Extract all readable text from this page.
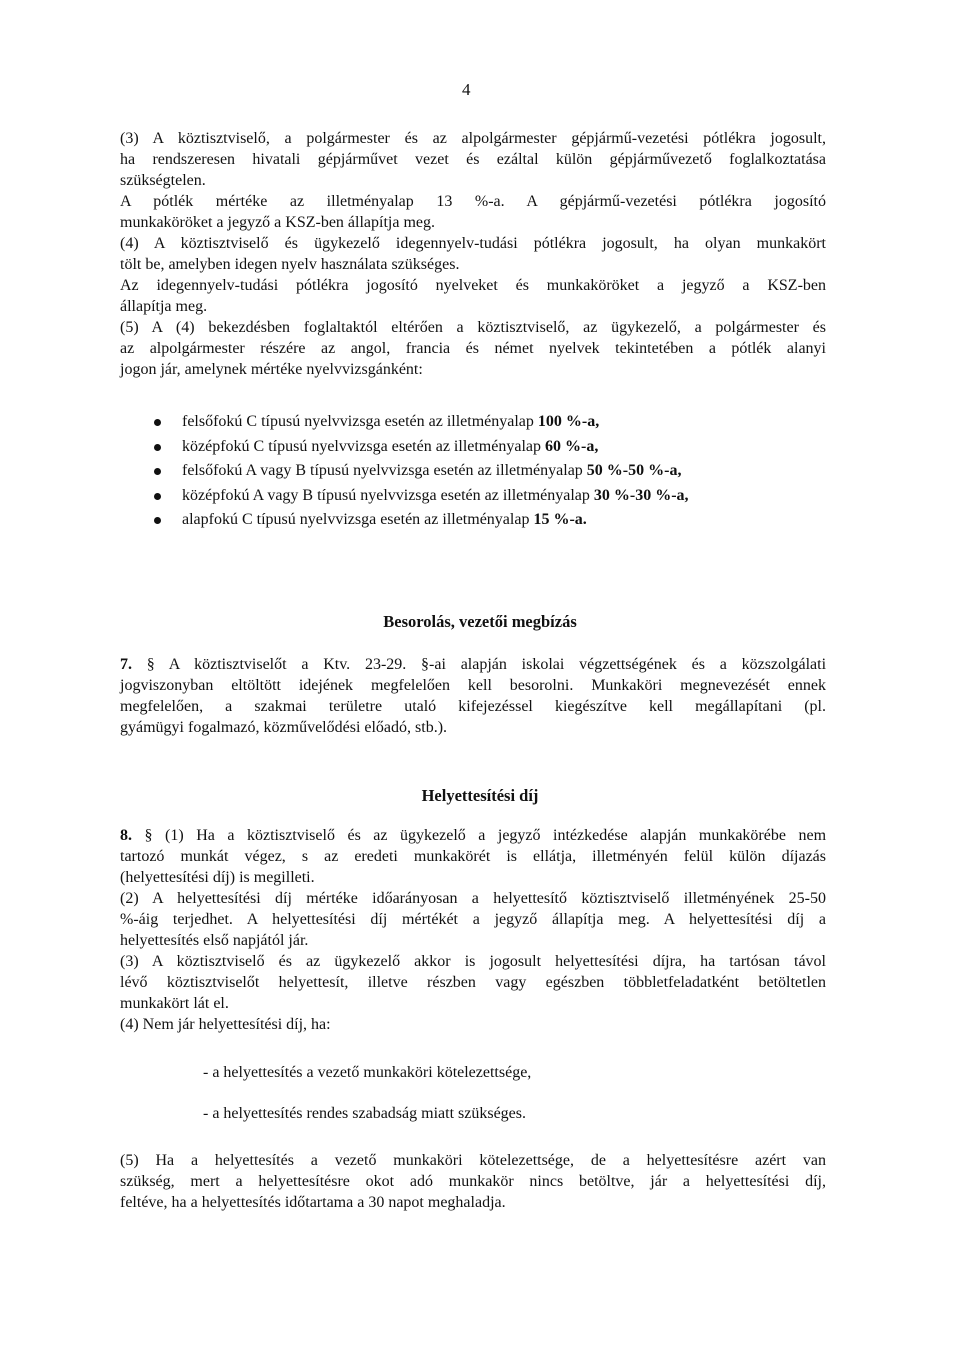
4

(3) A köztisztviselő, a polgármester és az alpolgármester gépjármű-vezetési pótlékra jogosult,

ha rendszeresen hivatali gépjárművet vezet és ezáltal külön gépjárművezető foglalkoztatása

szükségtelen.

A pótlék mértéke az illetményalap 13 %-a. A gépjármű-vezetési pótlékra jogosító

munkaköröket a jegyző a KSZ-ben állapítja meg.

(4) A köztisztviselő és ügykezelő idegennyelv-tudási pótlékra jogosult, ha olyan munkakört

tölt be, amelyben idegen nyelv használata szükséges.

Az idegennyelv-tudási pótlékra jogosító nyelveket és munkaköröket a jegyző a KSZ-ben

állapítja meg.

(5) A (4) bekezdésben foglaltaktól eltérően a köztisztviselő, az ügykezelő, a polgármester és

az alpolgármester részére az angol, francia és német nyelvek tekintetében a pótlék alanyi

jogon jár, amelynek mértéke nyelvvizsgánként:

felsőfokú C típusú nyelvvizsga esetén az illetményalap 100 %-a,
középfokú C típusú nyelvvizsga esetén az illetményalap 60 %-a,
felsőfokú A vagy B típusú nyelvvizsga esetén az illetményalap 50 %-50 %-a,
középfokú A vagy B típusú nyelvvizsga esetén az illetményalap 30 %-30 %-a,
alapfokú C típusú nyelvvizsga esetén az illetményalap 15 %-a.
Besorolás, vezetői megbízás

7. § A köztisztviselőt a Ktv. 23-29. §-ai alapján iskolai végzettségének és a közszolgálati

jogviszonyban eltöltött idejének megfelelően kell besorolni. Munkaköri megnevezését ennek

megfelelően, a szakmai területre utaló kifejezéssel kiegészítve kell megállapítani (pl.

gyámügyi fogalmazó, közművelődési előadó, stb.).

Helyettesítési díj

8. § (1) Ha a köztisztviselő és az ügykezelő a jegyző intézkedése alapján munkakörébe nem

tartozó munkát végez, s az eredeti munkakörét is ellátja, illetményén felül külön díjazás

(helyettesítési díj) is megilleti.

(2) A helyettesítési díj mértéke időarányosan a helyettesítő köztisztviselő illetményének 25-50

%-áig terjedhet. A helyettesítési díj mértékét a jegyző állapítja meg. A helyettesítési díj a

helyettesítés első napjától jár.

(3) A köztisztviselő és az ügykezelő akkor is jogosult helyettesítési díjra, ha tartósan távol

lévő köztisztviselőt helyettesít, illetve részben vagy egészben többletfeladatként betöltetlen

munkakört lát el.

(4) Nem jár helyettesítési díj, ha:

- a helyettesítés a vezető munkaköri kötelezettsége,
- a helyettesítés rendes szabadság miatt szükséges.

(5) Ha a helyettesítés a vezető munkaköri kötelezettsége, de a helyettesítésre azért van

szükség, mert a helyettesítésre okot adó munkakör nincs betöltve, jár a helyettesítési díj,

feltéve, ha a helyettesítés időtartama a 30 napot meghaladja.
